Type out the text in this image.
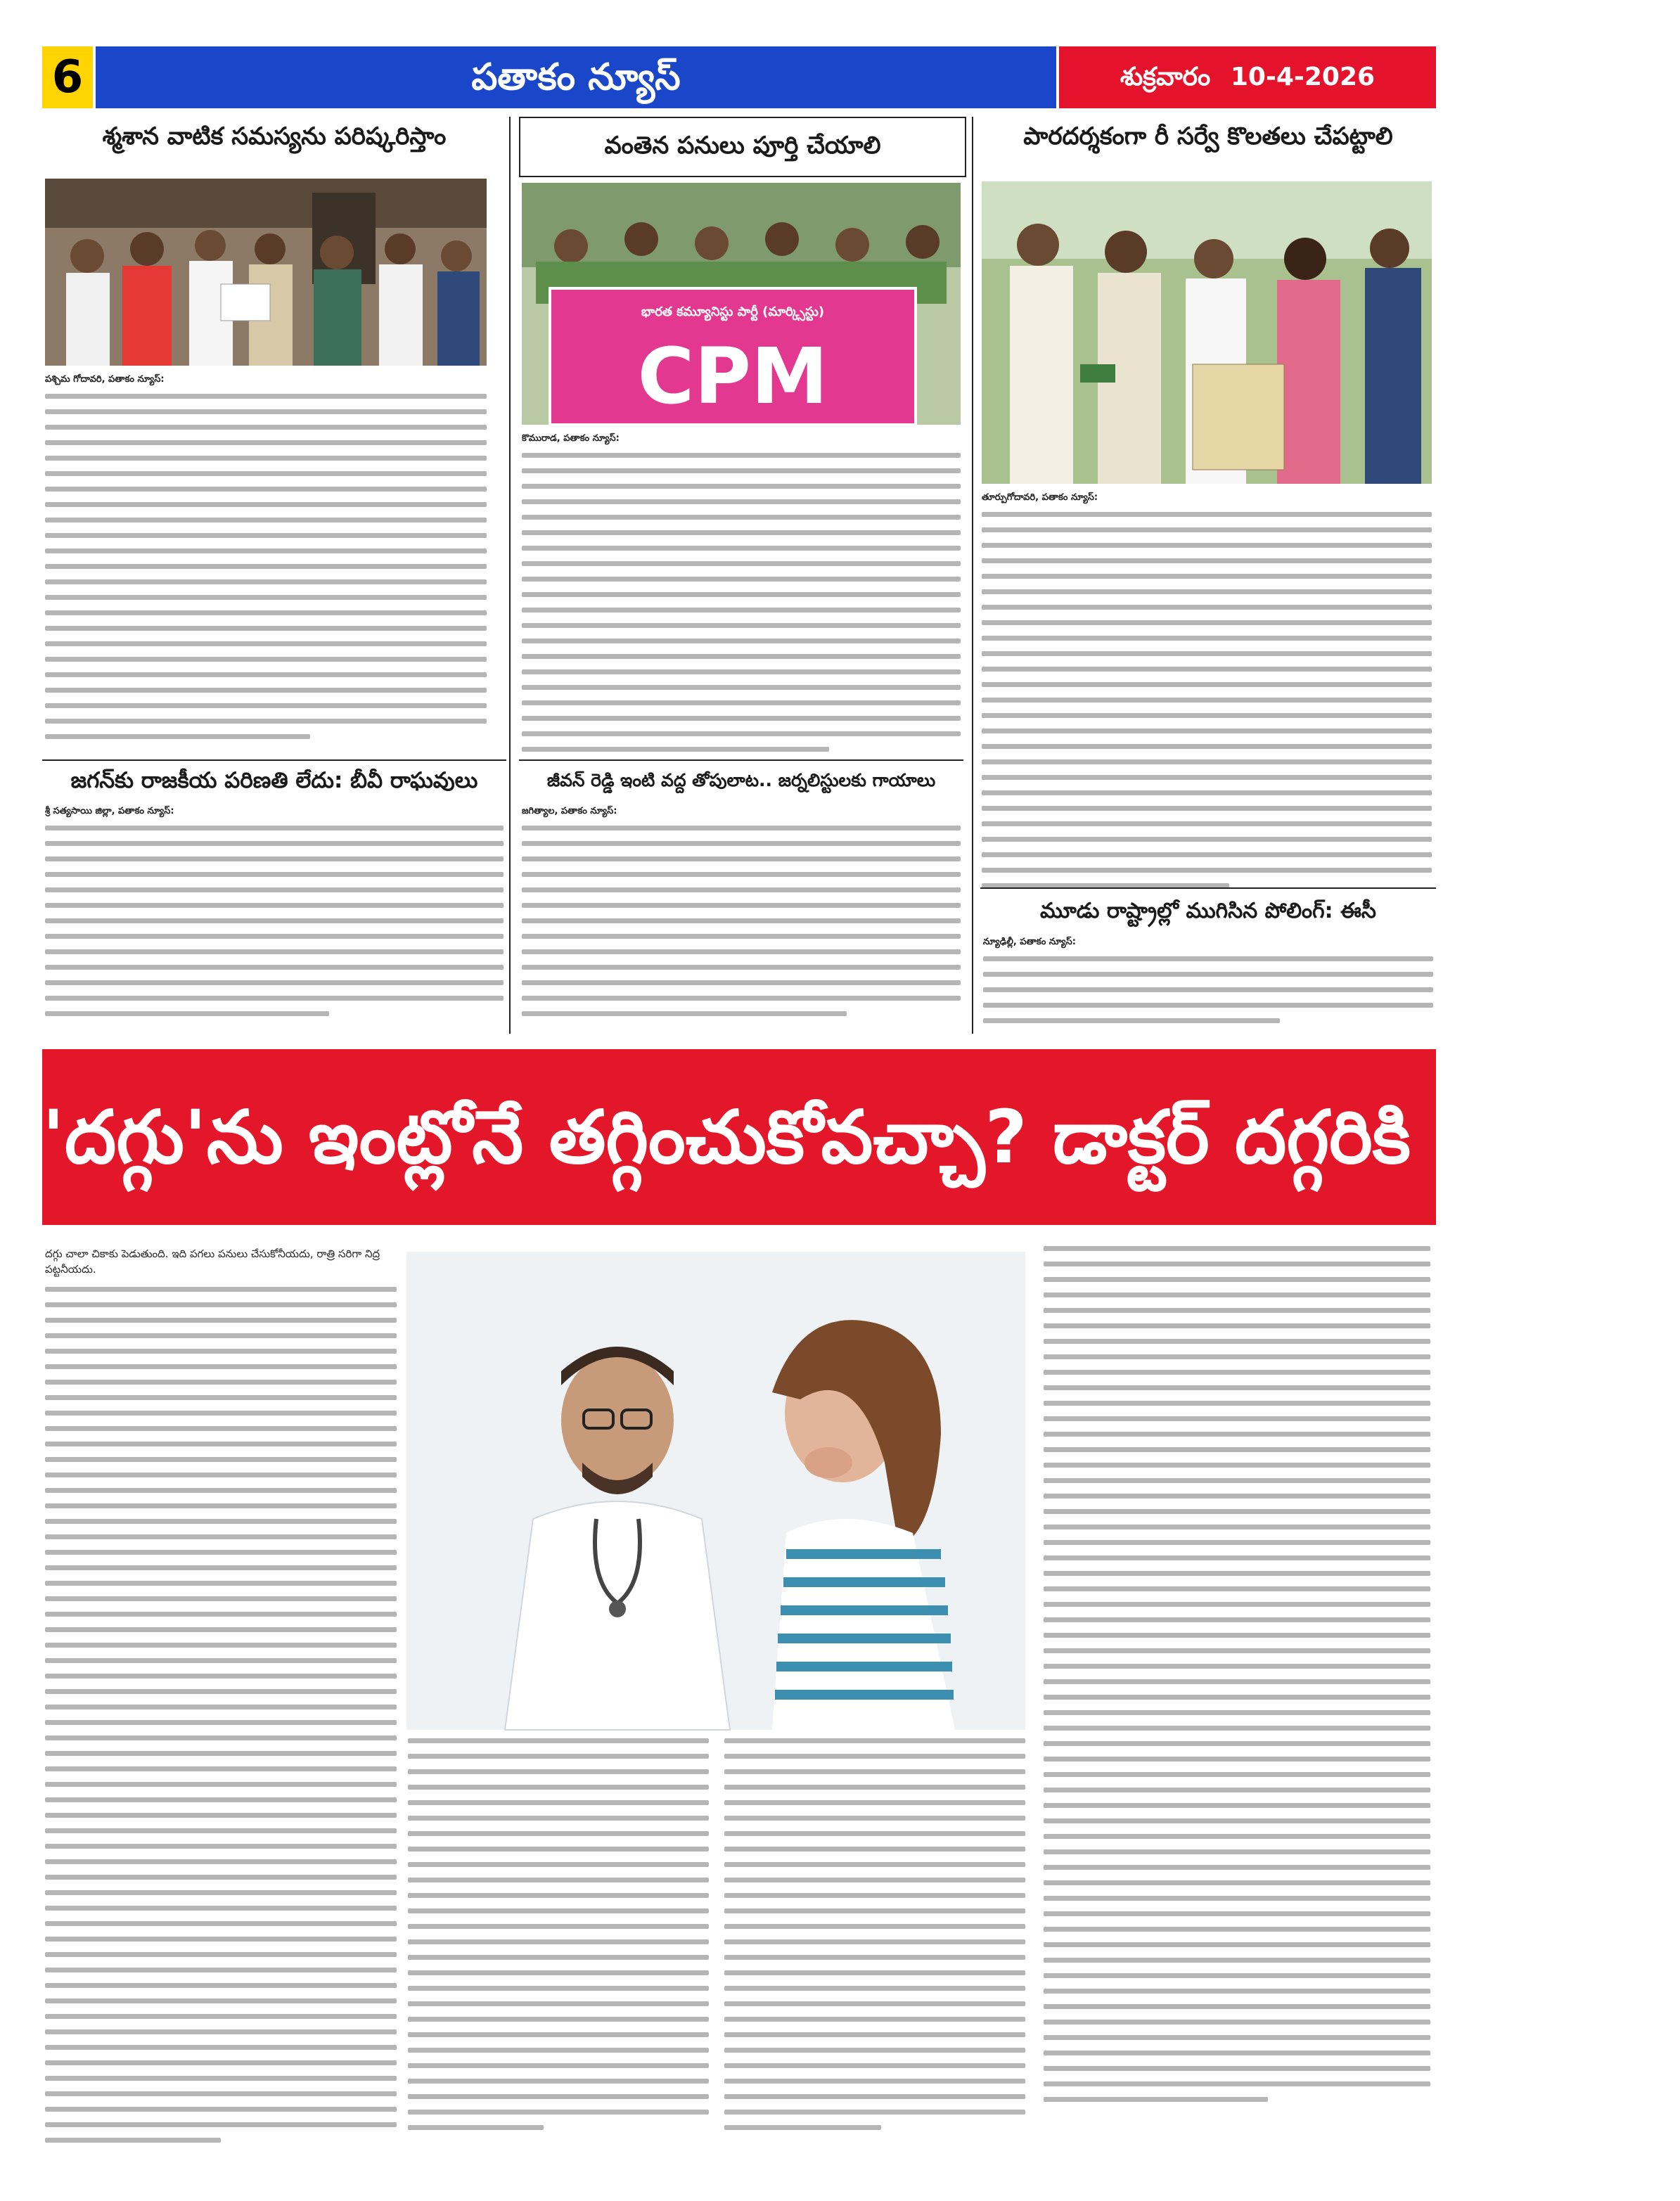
6	పతాకం న్యూస్	శుక్రవారం 10-4-2026
శ్మశాన వాటిక సమస్యను పరిష్కరిస్తాం
పశ్చిమ గోదావరి, పతాకం న్యూస్:
వంతెన పనులు పూర్తి చేయాలి
భారత కమ్యూనిస్టు పార్టీ (మార్క్సిస్టు)
CPM
కొమురాడ, పతాకం న్యూస్:
పారదర్శకంగా రీ సర్వే కొలతలు చేపట్టాలి
తూర్పుగోదావరి, పతాకం న్యూస్:
జగన్‌కు రాజకీయ పరిణతి లేదు: బీవీ రాఘవులు
శ్రీ సత్యసాయి జిల్లా, పతాకం న్యూస్:
జీవన్ రెడ్డి ఇంటి వద్ద తోపులాట.. జర్నలిస్టులకు గాయాలు
జగిత్యాల, పతాకం న్యూస్:
మూడు రాష్ట్రాల్లో ముగిసిన పోలింగ్: ఈసీ
న్యూఢిల్లీ, పతాకం న్యూస్:
'దగ్గు'ను ఇంట్లోనే తగ్గించుకోవచ్చా? డాక్టర్ దగ్గరికి వెళ్లాలా?
దగ్గు చాలా చికాకు పెడుతుంది. ఇది పగలు పనులు చేసుకోనీయదు, రాత్రి సరిగా నిద్ర పట్టనీయదు.
